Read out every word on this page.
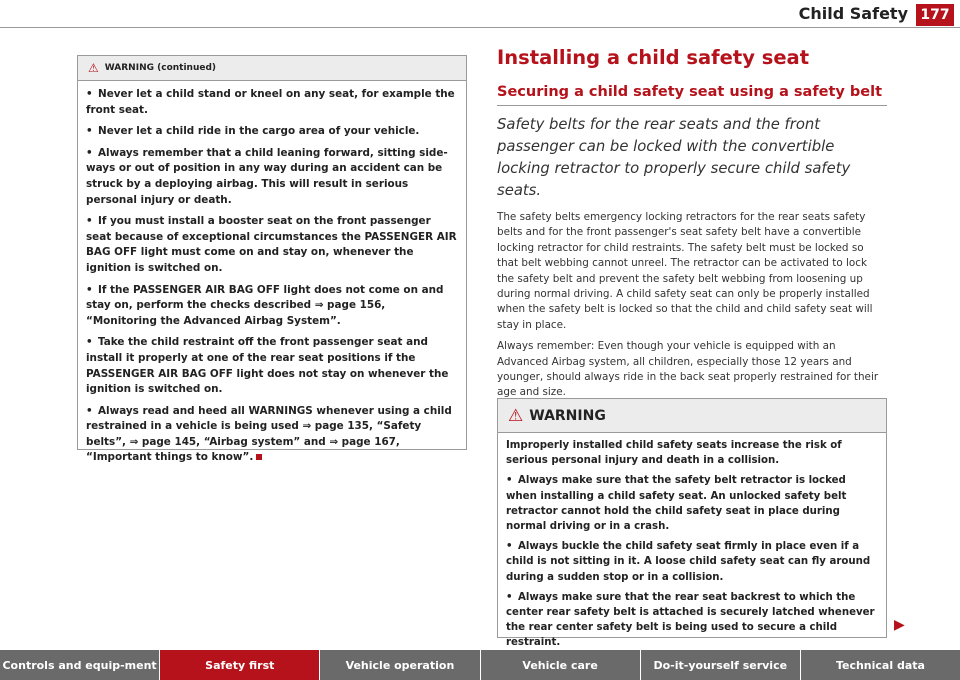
Child Safety 177
⚠ WARNING (continued)
• Never let a child stand or kneel on any seat, for example the front seat.
• Never let a child ride in the cargo area of your vehicle.
• Always remember that a child leaning forward, sitting side-ways or out of position in any way during an accident can be struck by a deploying airbag. This will result in serious personal injury or death.
• If you must install a booster seat on the front passenger seat because of exceptional circumstances the PASSENGER AIR BAG OFF light must come on and stay on, whenever the ignition is switched on.
• If the PASSENGER AIR BAG OFF light does not come on and stay on, perform the checks described ⇒ page 156, “Monitoring the Advanced Airbag System”.
• Take the child restraint off the front passenger seat and install it properly at one of the rear seat positions if the PASSENGER AIR BAG OFF light does not stay on whenever the ignition is switched on.
• Always read and heed all WARNINGS whenever using a child restrained in a vehicle is being used ⇒ page 135, “Safety belts”, ⇒ page 145, “Airbag system” and ⇒ page 167, “Important things to know”.
Installing a child safety seat
Securing a child safety seat using a safety belt
Safety belts for the rear seats and the front passenger can be locked with the convertible locking retractor to properly secure child safety seats.
The safety belts emergency locking retractors for the rear seats safety belts and for the front passenger's seat safety belt have a convertible locking retractor for child restraints. The safety belt must be locked so that belt webbing cannot unreel. The retractor can be activated to lock the safety belt and prevent the safety belt webbing from loosening up during normal driving. A child safety seat can only be properly installed when the safety belt is locked so that the child and child safety seat will stay in place.
Always remember: Even though your vehicle is equipped with an Advanced Airbag system, all children, especially those 12 years and younger, should always ride in the back seat properly restrained for their age and size.
⚠ WARNING
Improperly installed child safety seats increase the risk of serious personal injury and death in a collision.
• Always make sure that the safety belt retractor is locked when installing a child safety seat. An unlocked safety belt retractor cannot hold the child safety seat in place during normal driving or in a crash.
• Always buckle the child safety seat firmly in place even if a child is not sitting in it. A loose child safety seat can fly around during a sudden stop or in a collision.
• Always make sure that the rear seat backrest to which the center rear safety belt is attached is securely latched whenever the rear center safety belt is being used to secure a child restraint.
▶
Controls and equip-ment	Safety first	Vehicle operation	Vehicle care	Do-it-yourself service	Technical data
